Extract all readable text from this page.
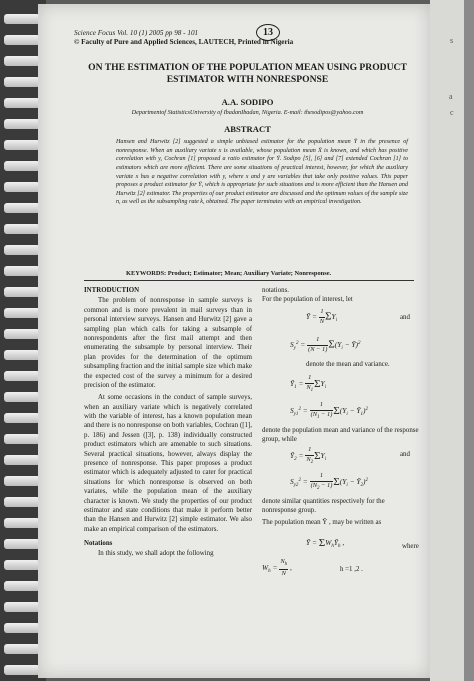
a
c
s
Science Focus Vol. 10 (1) 2005 pp 98 - 101
© Faculty of Pure and Applied Sciences, LAUTECH, Printed in Nigeria
13
ON THE ESTIMATION OF THE POPULATION MEAN USING PRODUCT ESTIMATOR WITH NONRESPONSE
A.A. SODIPO
Departmentof StatisticsUniversity of IbadanIbadan, Nigeria. E-mail: thesodipos@yahoo.com
ABSTRACT
Hansen and Hurwitz [2] suggested a simple unbiased estimator for the population mean Ȳ in the presence of nonresponse. When an auxiliary variate x is available, whose population mean X̄ is known, and which has positive correlation with y, Cochran [1] proposed a ratio estimator for Ȳ. Sodipo [5], [6] and [7] extended Cochran [1] to estimators which are more efficient. There are some situations of practical interest, however, for which the auxiliary variate x has a negative correlation with y, where x and y are variables that take only positive values. This paper proposes a product estimator for Ȳ, which is appropriate for such situations and is more efficient than the Hansen and Hurwitz [2] estimator. The properties of our product estimator are discussed and the optimum values of the sample size n, as well as the subsampling rate k, obtained. The paper terminates with an empirical investigation.
KEYWORDS: Product; Estimator; Mean; Auxiliary Variate; Nonresponse.
INTRODUCTION

The problem of nonresponse in sample surveys is common and is more prevalent in mail surveys than in personal interview surveys. Hansen and Hurwitz [2] gave a sampling plan which calls for taking a subsample of nonrespondents after the first mail attempt and then enumerating the subsample by personal interview. Their plan provides for the determination of the optimum subsampling fraction and the initial sample size which make the expected cost of the survey a minimum for a desired precision of the estimator.

At some occasions in the conduct of sample surveys, when an auxiliary variate which is negatively correlated with the variable of interest, has a known population mean and there is no nonresponse on both variables, Cochran ([1], p. 186) and Jessen ([3], p. 138) individually constructed product estimators which are amenable to such situations. Several practical situations, however, always display the presence of nonresponse. This paper proposes a product estimator which is adequately adjusted to cater for practical situations for which nonresponse is observed on both variates, while the population mean of the auxiliary character is known. We study the properties of our product estimator and state conditions that make it perform better than the Hansen and Hurwitz [2] simple estimator. We also make an empirical comparison of the estimators.

Notations

In this study, we shall adopt the following

notations.
For the population of interest, let
Ȳ = $\frac{1}{N} \Sigma Y_i$	and
$S_y^2 = \frac{1}{(N - 1)} \Sigma(Y_i$ − Ȳ)$^2$
denote the mean and variance.
$Ȳ_1 = \frac{1}{N_1} \Sigma Y_i$
$S_{y1}^2 = \frac{1}{(N_1 - 1)} \Sigma(Y_i$ − $Ȳ_1)^2$
denote the population mean and variance of the response group, while
$Ȳ_2 = \frac{1}{N_2} \Sigma Y_i$
and
$S_{y2}^2 = \frac{1}{(N_2 - 1)} \Sigma(Y_i$ − $Ȳ_2)^2$
denote similar quantities respectively for the nonresponse group.
The population mean Ȳ , may be written as
Ȳ = $\Sigma W_hȲ_h$ ,	where
$W_h = \frac{N_h}{N}$ ,	h =1 ,2 .
